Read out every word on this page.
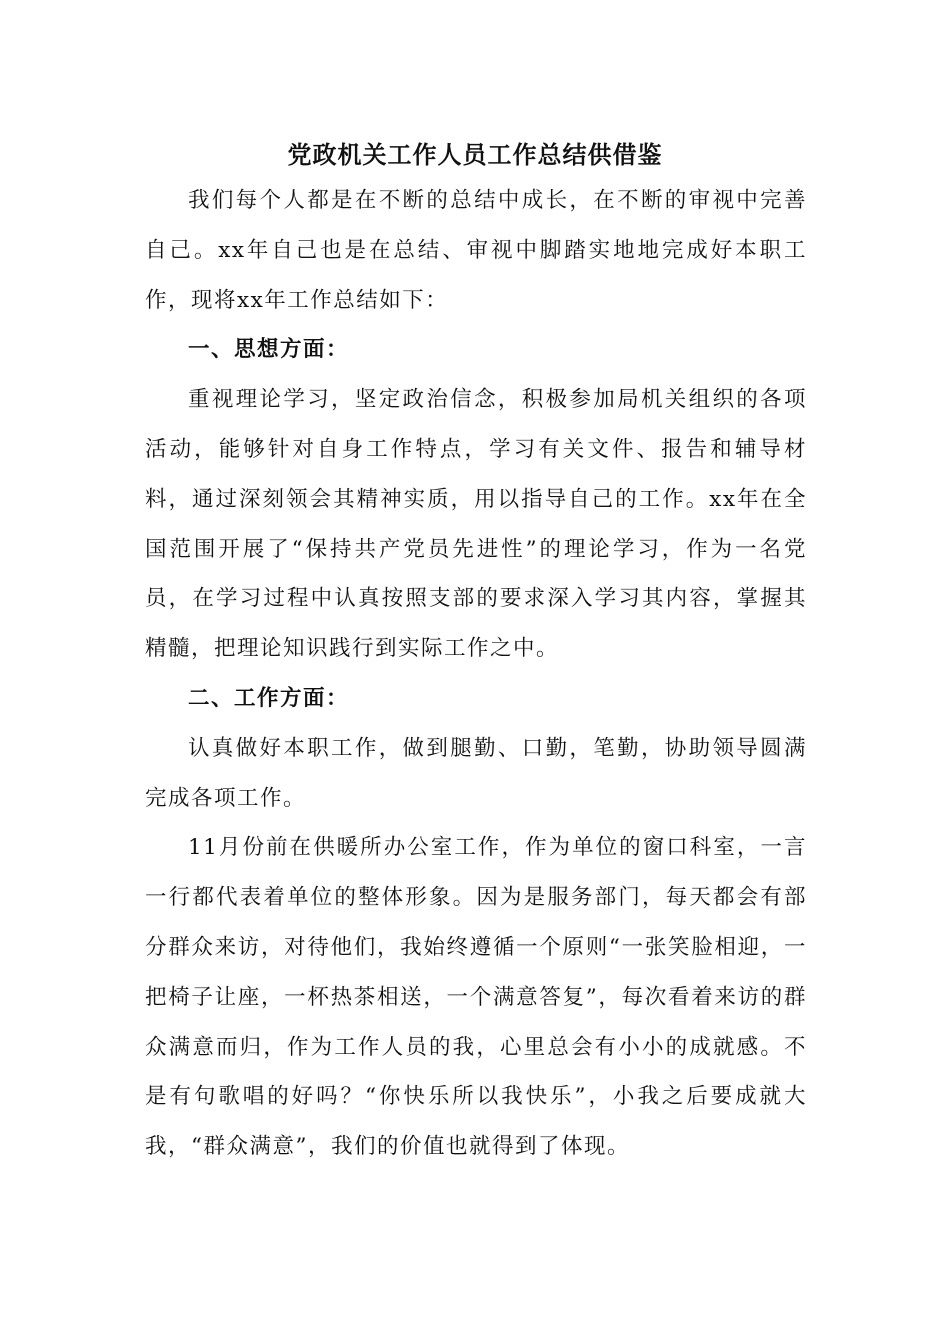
党政机关工作人员工作总结供借鉴

我们每个人都是在不断的总结中成长，在不断的审视中完善自己。xx年自己也是在总结、审视中脚踏实地地完成好本职工作，现将xx年工作总结如下：

一、思想方面：

重视理论学习，坚定政治信念，积极参加局机关组织的各项活动，能够针对自身工作特点，学习有关文件、报告和辅导材料，通过深刻领会其精神实质，用以指导自己的工作。xx年在全国范围开展了“保持共产党员先进性”的理论学习，作为一名党员，在学习过程中认真按照支部的要求深入学习其内容，掌握其精髓，把理论知识践行到实际工作之中。

二、工作方面：

认真做好本职工作，做到腿勤、口勤，笔勤，协助领导圆满完成各项工作。

11月份前在供暖所办公室工作，作为单位的窗口科室，一言一行都代表着单位的整体形象。因为是服务部门，每天都会有部分群众来访，对待他们，我始终遵循一个原则“一张笑脸相迎，一把椅子让座，一杯热茶相送，一个满意答复”，每次看着来访的群众满意而归，作为工作人员的我，心里总会有小小的成就感。不是有句歌唱的好吗？“你快乐所以我快乐”，小我之后要成就大我，“群众满意”，我们的价值也就得到了体现。
